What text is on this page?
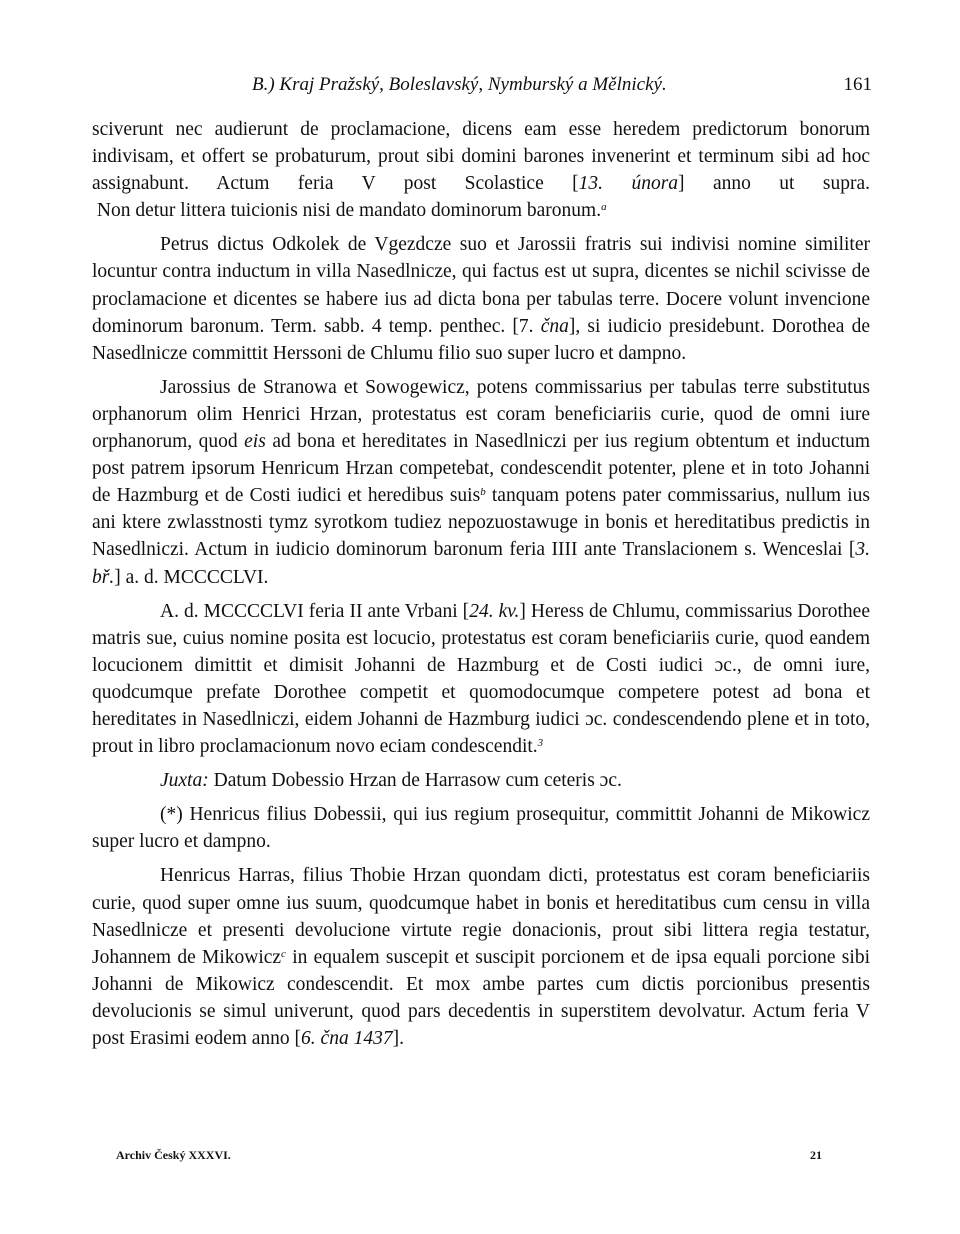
B.) Kraj Pražský, Boleslavský, Nymburský a Mělnický.	161

sciverunt nec audierunt de proclamacione, dicens eam esse heredem predictorum bonorum indivisam, et offert se probaturum, prout sibi domini barones invenerint et terminum sibi ad hoc assignabunt. Actum feria V post Scolastice [13. února] anno ut supra. Non detur littera tuicionis nisi de mandato dominorum baronum.$^a$

Petrus dictus Odkolek de Vgezdcze suo et Jarossii fratris sui indivisi nomine similiter locuntur contra inductum in villa Nasedlnicze, qui factus est ut supra, dicentes se nichil scivisse de proclamacione et dicentes se habere ius ad dicta bona per tabulas terre. Docere volunt invencione dominorum baronum. Term. sabb. 4 temp. penthec. [7. čna], si iudicio presidebunt. Dorothea de Nasedlnicze committit Herssoni de Chlumu filio suo super lucro et dampno.

Jarossius de Stranowa et Sowogewicz, potens commissarius per tabulas terre substitutus orphanorum olim Henrici Hrzan, protestatus est coram beneficiariis curie, quod de omni iure orphanorum, quod eis ad bona et hereditates in Nasedlniczi per ius regium obtentum et inductum post patrem ipsorum Henricum Hrzan competebat, condescendit potenter, plene et in toto Johanni de Hazmburg et de Costi iudici et heredibus suis$^b$ tanquam potens pater commissarius, nullum ius ani ktere zwlasstnosti tymz syrotkom tudiez nepozuostawuge in bonis et hereditatibus predictis in Nasedlniczi. Actum in iudicio dominorum baronum feria IIII ante Translacionem s. Wenceslai [3. bř.] a. d. MCCCCLVI.

A. d. MCCCCLVI feria II ante Vrbani [24. kv.] Heress de Chlumu, commissarius Dorothee matris sue, cuius nomine posita est locucio, protestatus est coram beneficiariis curie, quod eandem locucionem dimittit et dimisit Johanni de Hazmburg et de Costi iudici ɔc., de omni iure, quodcumque prefate Dorothee competit et quomodocumque competere potest ad bona et hereditates in Nasedlniczi, eidem Johanni de Hazmburg iudici ɔc. condescendendo plene et in toto, prout in libro proclamacionum novo eciam condescendit.$^3$

Juxta: Datum Dobessio Hrzan de Harrasow cum ceteris ɔc.

(*) Henricus filius Dobessii, qui ius regium prosequitur, committit Johanni de Mikowicz super lucro et dampno.

Henricus Harras, filius Thobie Hrzan quondam dicti, protestatus est coram beneficiariis curie, quod super omne ius suum, quodcumque habet in bonis et hereditatibus cum censu in villa Nasedlnicze et presenti devolucione virtute regie donacionis, prout sibi littera regia testatur, Johannem de Mikowicz$^c$ in equalem suscepit et suscipit porcionem et de ipsa equali porcione sibi Johanni de Mikowicz condescendit. Et mox ambe partes cum dictis porcionibus presentis devolucionis se simul univerunt, quod pars decedentis in superstitem devolvatur. Actum feria V post Erasimi eodem anno [6. čna 1437].

Archiv Český XXXVI.	21
